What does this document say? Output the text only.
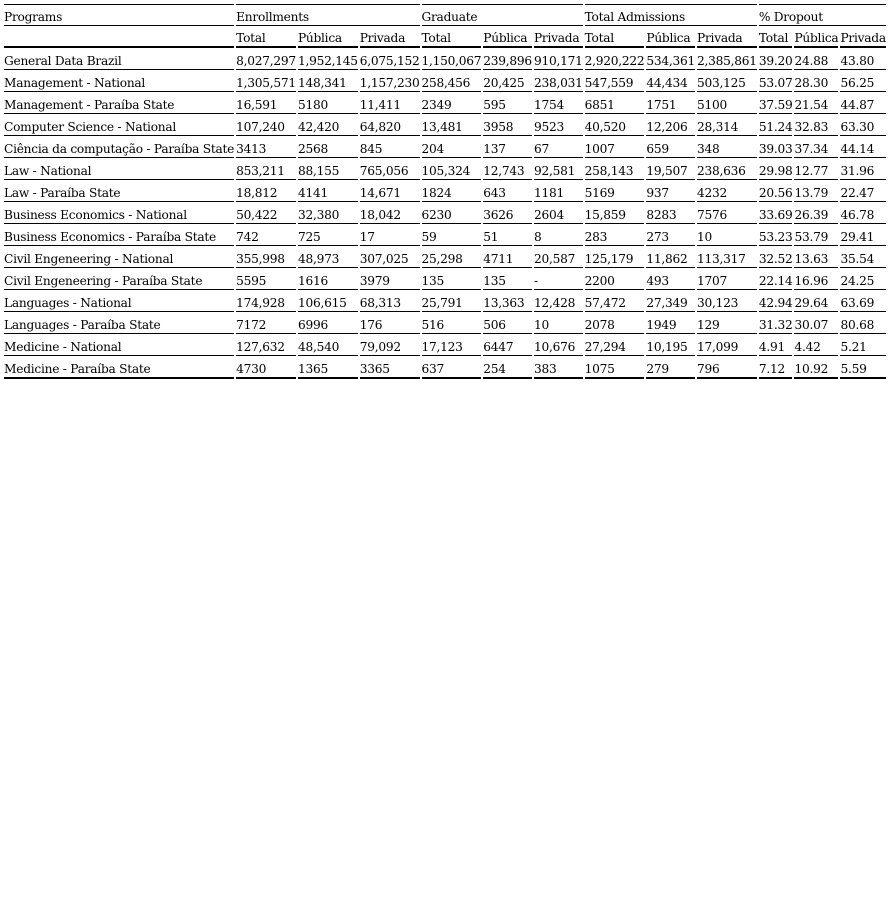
Programs	Enrollments			Graduate			Total Admissions			% Dropout		
	Total	Pública	Privada	Total	Pública	Privada	Total	Pública	Privada	Total	Pública	Privada
General Data Brazil	8,027,297	1,952,145	6,075,152	1,150,067	239,896	910,171	2,920,222	534,361	2,385,861	39.20	24.88	43.80
Management - National	1,305,571	148,341	1,157,230	258,456	20,425	238,031	547,559	44,434	503,125	53.07	28.30	56.25
Management - Paraíba State	16,591	5180	11,411	2349	595	1754	6851	1751	5100	37.59	21.54	44.87
Computer Science - National	107,240	42,420	64,820	13,481	3958	9523	40,520	12,206	28,314	51.24	32.83	63.30
Ciência da computação - Paraíba State	3413	2568	845	204	137	67	1007	659	348	39.03	37.34	44.14
Law - National	853,211	88,155	765,056	105,324	12,743	92,581	258,143	19,507	238,636	29.98	12.77	31.96
Law - Paraíba State	18,812	4141	14,671	1824	643	1181	5169	937	4232	20.56	13.79	22.47
Business Economics - National	50,422	32,380	18,042	6230	3626	2604	15,859	8283	7576	33.69	26.39	46.78
Business Economics - Paraíba State	742	725	17	59	51	8	283	273	10	53.23	53.79	29.41
Civil Engeneering - National	355,998	48,973	307,025	25,298	4711	20,587	125,179	11,862	113,317	32.52	13.63	35.54
Civil Engeneering - Paraíba State	5595	1616	3979	135	135	-	2200	493	1707	22.14	16.96	24.25
Languages - National	174,928	106,615	68,313	25,791	13,363	12,428	57,472	27,349	30,123	42.94	29.64	63.69
Languages - Paraíba State	7172	6996	176	516	506	10	2078	1949	129	31.32	30.07	80.68
Medicine - National	127,632	48,540	79,092	17,123	6447	10,676	27,294	10,195	17,099	4.91	4.42	5.21
Medicine - Paraíba State	4730	1365	3365	637	254	383	1075	279	796	7.12	10.92	5.59
